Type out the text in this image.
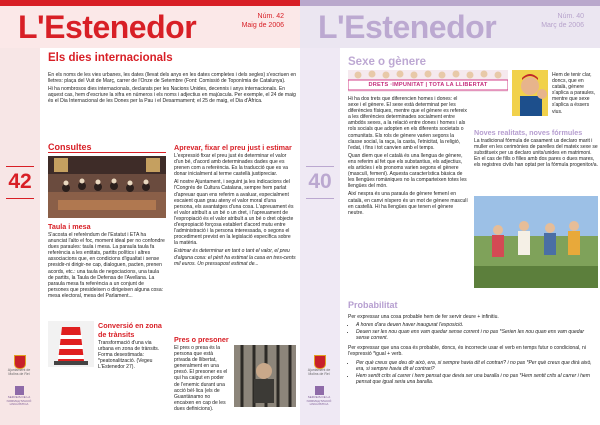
L'Estenedor	Núm. 42
Maig de 2006
42
Ajuntament de Molins de Rei
SERVEIS DE LA NORMALITZACIÓ LINGÜÍSTICA
Els dies internacionals

En els noms de les vies urbanes, les dates (llevat dels anys en les dates completes i dels segles) s'escriuen en lletres: plaça del Vuit de Març, carrer de l'Onze de Setembre (Font: Comissió de Toponímia de Catalunya).

Hi ha nombrosos dies internacionals, declarats per les Nacions Unides, decennis i anys internacionals. En aquest cas, hem d'escriure la xifra en números i els noms i adjectius en majúscula. Per exemple, el 24 de maig és el Dia Internacional de les Dones per la Pau i el Desarmament; el 25 de maig, el Dia d'Àfrica.

Consultes
Taula i mesa
S'acosta el referèndum de l'Estatut i ETA ha anunciat l'alto el foc, moment ideal per no confondre dues paraules: taula i mesa. La paraula taula fa referència a les entitats, partits polítics i altres associacions que, en condicions d'igualtat i sense presidir-ni dirigir-ne cap, dialoguen, pacten, prenen acords, etc.: una taula de negociacions, una taula de partits, la Taula de Defensa de l'Avellana. La paraula mesa fa referència a un conjunt de persones que presideixen o dirigeixen alguna cosa: mesa electoral, mesa del Parlament...
Conversió en zona de trànsits
Transformació d'una via urbana en zona de trànsits. Forma desestimada: *peatonalització. (Vegeu L'Estenedor 27).
Aprevar, fixar el preu just i estimar

L'expressió fixar el preu just és determinar el valor d'un bé, d'acord amb determinades dades que es prenen com a referència. Es la traducció que es va donar inicialment al terme castellà justipreciar.

Al nostre Ajuntament, i seguint ja les indicacions del l'Congrés de Cultura Catalana, sempre hem parlat d'apreuar quan ens referim a avaluar, especialment escaient quan grau ateny el valor moral d'una persona, els avantatges d'una cosa. L'apreuament és el valor atribuït a un bé o un dret, i l'apreuament de l'expropiació és el valor atribuït a un bé o dret objecte d'expropiació forçosa establert d'acord mutu entre l'administració i la persona interessada, o segons el procediment previst en la legislació específica sobre la matèria.

Estimar és determinar en tant o tant el valor, el preu d'alguna cosa: el pèrit ha estimat la casa en tres-cents mil euros. Un pressupost estimat de...

Pres o presoner
El pres o presa és la persona que està privada de llibertat, generalment en una presó. El presoner es el qui ha caigut en poder de l'enemic durant una acció bèl·lica (els de Guantànamo no encaixen en cap de les dues definicions).
L'Estenedor	Núm. 40
Març de 2006
40
Ajuntament de Molins de Rei
SERVEIS DE LA NORMALITZACIÓ LINGÜÍSTICA
Sexe o gènere
DRETS ·IMPUNITAT | TOTA LA LLIBERTAT
Hem de tenir clar, doncs, que en català, gènere s'aplica a paraules, mentre que sexe s'aplica a éssers vius.

Hi ha dos trets que diferencien homes i dones: el sexe i el gènere. El sexe està determinat per les diferències físiques, mentre que el gènere es refereix a les diferències determinades socialment entre ambdós sexes, a la relació entre dones i homes i als rols socials que adopten en els diferents societats o comunitats. Els rols de gènere varien segons la classe social, la raça, la casta, l'etnicitat, la religió, l'edat, i fins i tot canvien amb el temps.

Quan diem que el català és una llengua de gènere, ens referim al fet que els substantius, els adjectius, els articles i els pronoms varien segons el gènere (masculí, femení). Aquesta característica bàsica de les llengües romàniques no la comparteixen totes les llengües del món.

Així nespra és una paraula de gènere femení en català, en canvi níspero és un mot de gènere masculí en castellà. Hi ha llengües que tenen el gènere neutre.

Noves realitats, noves fórmules
La tradicional fórmula de casament us declaro marit i muller en les cerimònies de parelles del mateix sexe se substitueix per us declaro units/unides en matrimoni. En el cas de fills o filles amb dos pares o dues mares, els registres civils han optat per la fórmula progenitor/a.
Probabilitat

Per expressar una cosa probable hem de fer servir deure + infinitiu.

• A hores d'ara deuen haver inaugurat l'exposició.
• Deuen ser les nou quan ens vam quedar sense corrent i no pas *Serien les nou quan ens vam quedar sense corrent.

Per expressar que una cosa és probable, doncs, és incorrecte usar el verb en temps futur o condicional, ni l'expressió *igual + verb.

• Per què creus que deu dir això, era, si sempre havia dit el contrari? i no pas *Per què creus que dirà això, era, si sempre havia dit el contrari?
• Hem sentit crits al carrer i hem pensat que devia ser una baralla i no pas *Hem sentit crits al carrer i hem pensat que igual seria una baralla.
